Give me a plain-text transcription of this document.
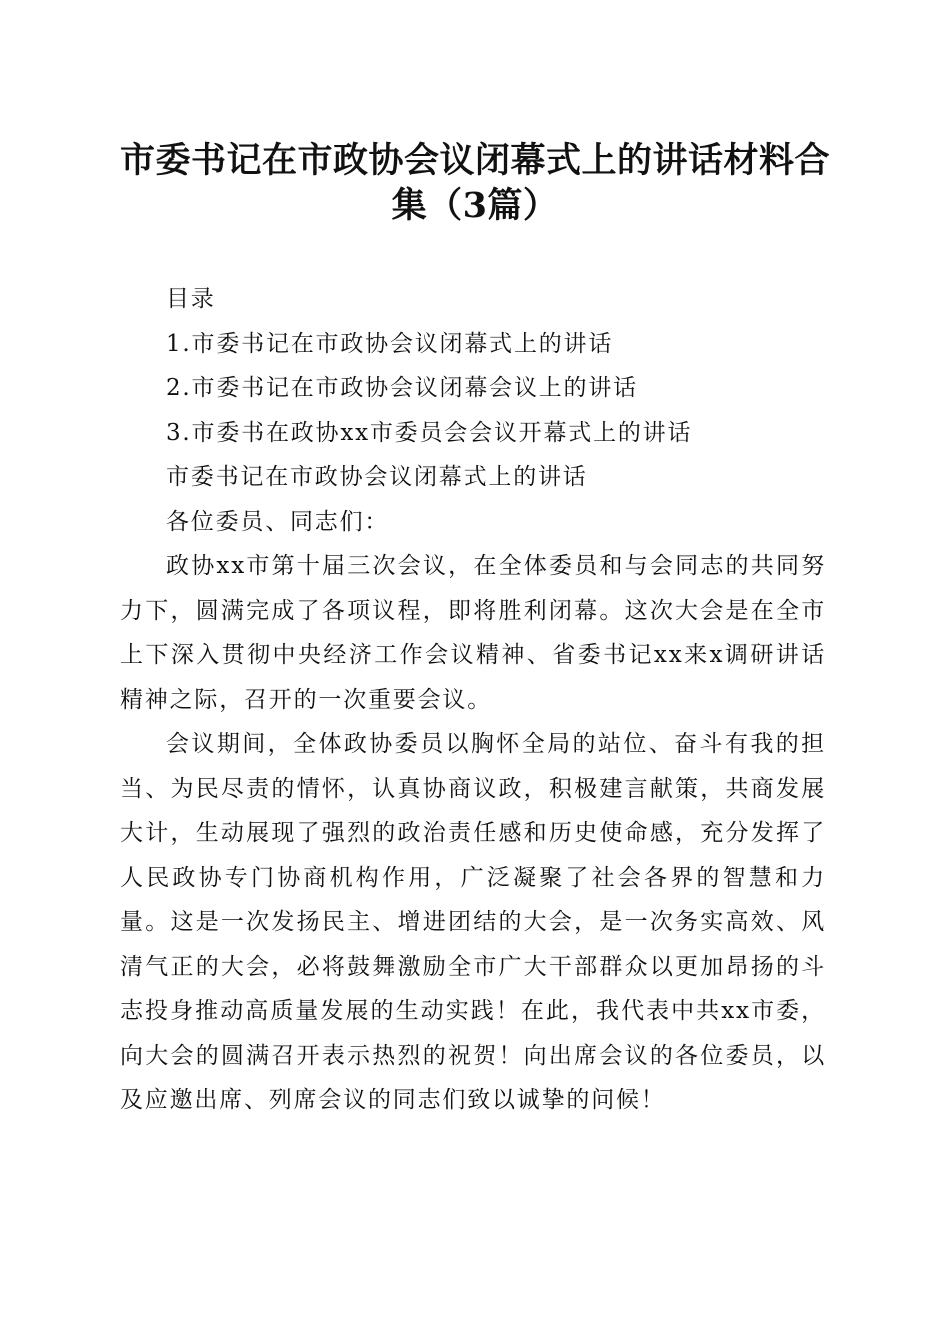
市委书记在市政协会议闭幕式上的讲话材料合
集（3篇）

目录

1.市委书记在市政协会议闭幕式上的讲话

2.市委书记在市政协会议闭幕会议上的讲话

3.市委书在政协xx市委员会会议开幕式上的讲话

市委书记在市政协会议闭幕式上的讲话

各位委员、同志们：

政协xx市第十届三次会议，在全体委员和与会同志的共同努力下，圆满完成了各项议程，即将胜利闭幕。这次大会是在全市上下深入贯彻中央经济工作会议精神、省委书记xx来x调研讲话精神之际，召开的一次重要会议。

会议期间，全体政协委员以胸怀全局的站位、奋斗有我的担当、为民尽责的情怀，认真协商议政，积极建言献策，共商发展大计，生动展现了强烈的政治责任感和历史使命感，充分发挥了人民政协专门协商机构作用，广泛凝聚了社会各界的智慧和力量。这是一次发扬民主、增进团结的大会，是一次务实高效、风清气正的大会，必将鼓舞激励全市广大干部群众以更加昂扬的斗志投身推动高质量发展的生动实践！在此，我代表中共xx市委，向大会的圆满召开表示热烈的祝贺！向出席会议的各位委员，以及应邀出席、列席会议的同志们致以诚挚的问候！
